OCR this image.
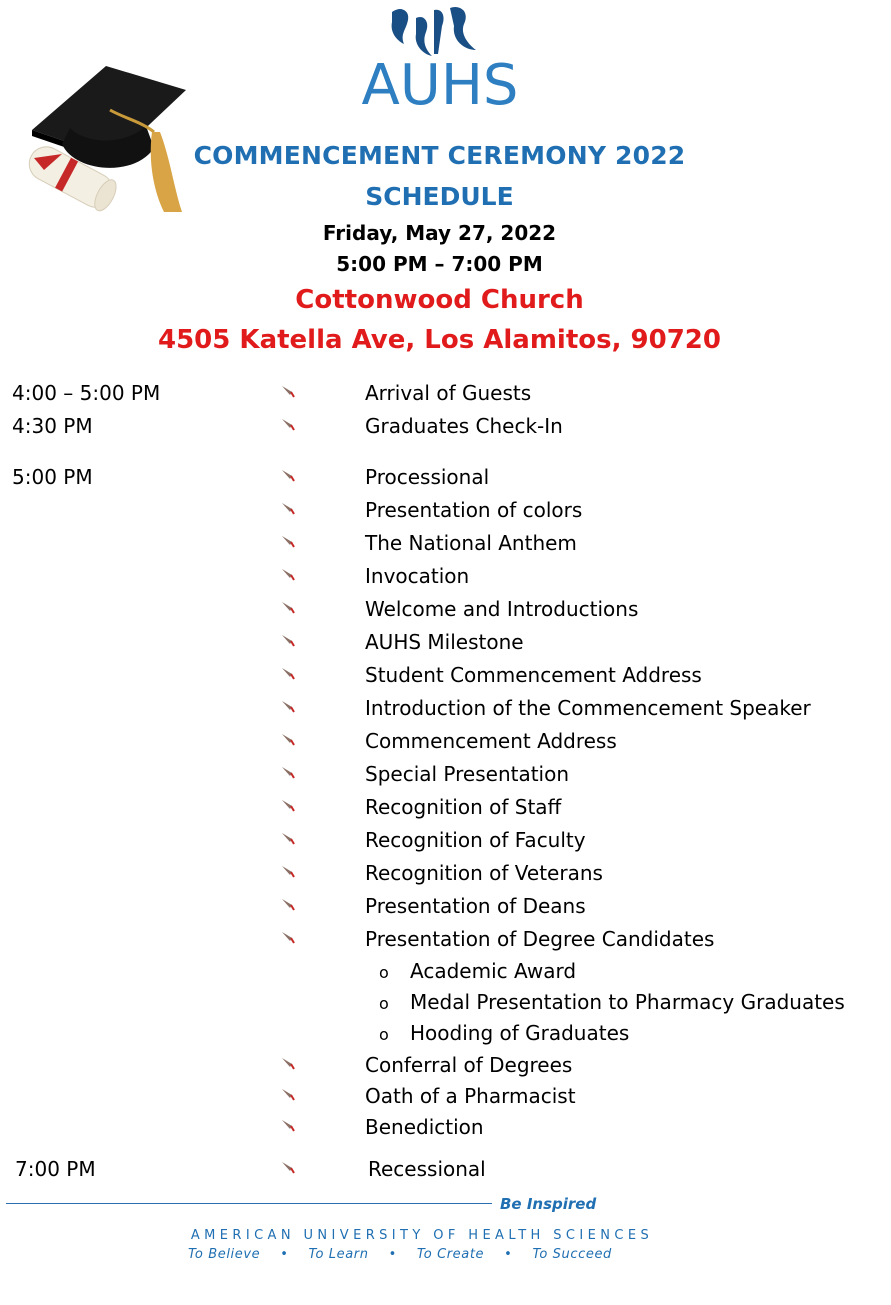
AUHS
COMMENCEMENT CEREMONY 2022
SCHEDULE
Friday, May 27, 2022
5:00 PM – 7:00 PM
Cottonwood Church
4505 Katella Ave, Los Alamitos, 90720
4:00 – 5:00 PM	Arrival of Guests
4:30 PM	Graduates Check-In
5:00 PM	Processional
Presentation of colors
The National Anthem
Invocation
Welcome and Introductions
AUHS Milestone
Student Commencement Address
Introduction of the Commencement Speaker
Commencement Address
Special Presentation
Recognition of Staff
Recognition of Faculty
Recognition of Veterans
Presentation of Deans
Presentation of Degree Candidates
o Academic Award
o Medal Presentation to Pharmacy Graduates
o Hooding of Graduates
Conferral of Degrees
Oath of a Pharmacist
Benediction
7:00 PM	Recessional
Be Inspired
AMERICAN UNIVERSITY OF HEALTH SCIENCES
To Believe • To Learn • To Create • To Succeed
